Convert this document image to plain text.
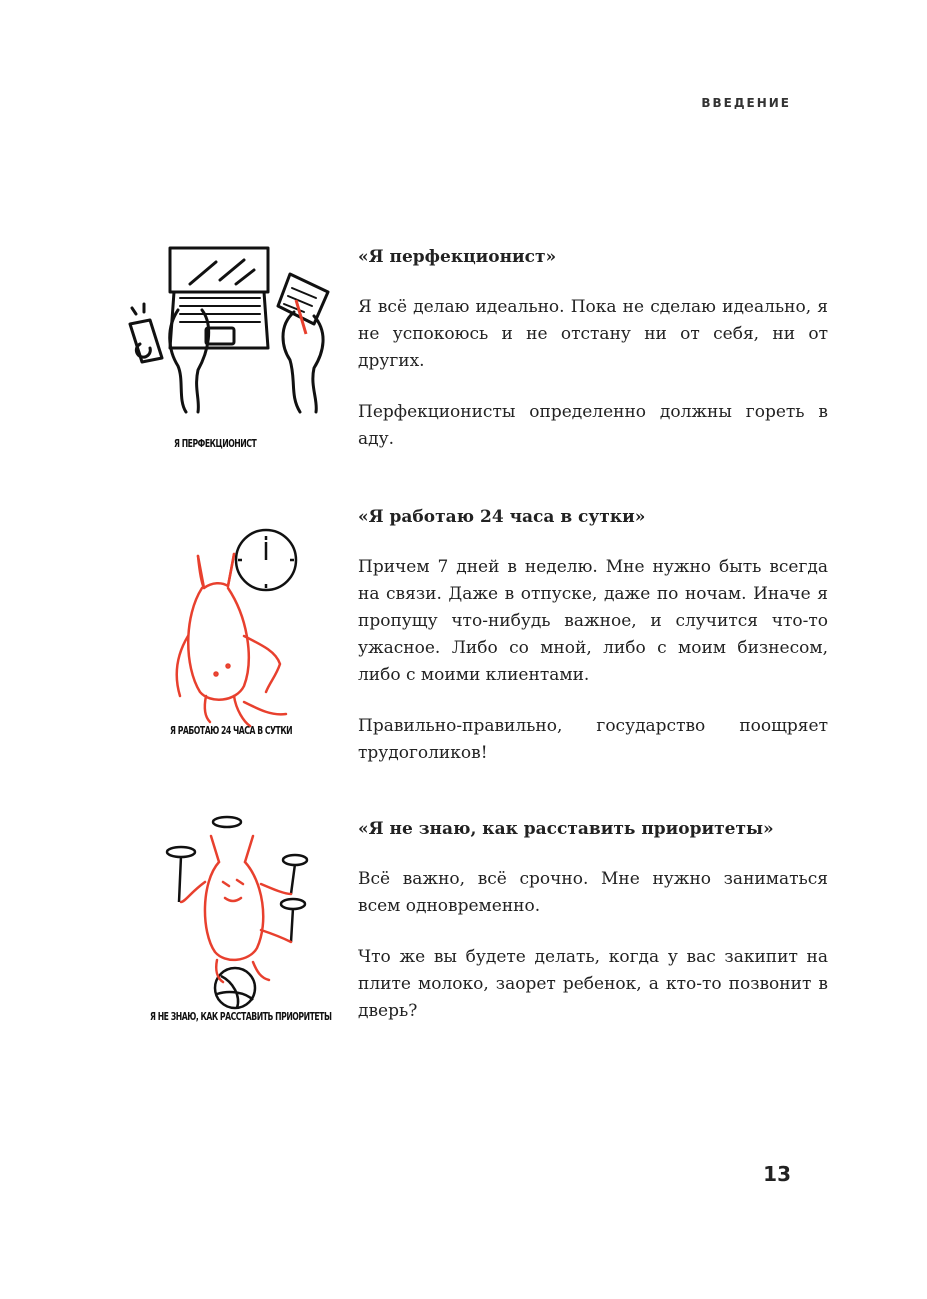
ВВЕДЕНИЕ
Я ПЕРФЕКЦИОНИСТ
«Я перфекционист»

Я всё делаю идеально. Пока не сделаю идеально, я не успокоюсь и не отстану ни от себя, ни от других.

Перфекционисты определенно должны гореть в аду.

Я РАБОТАЮ 24 ЧАСА В СУТКИ
«Я работаю 24 часа в сутки»

Причем 7 дней в неделю. Мне нужно быть всегда на связи. Даже в отпуске, даже по ночам. Иначе я пропущу что-нибудь важное, и случится что-то ужасное. Либо со мной, либо с моим бизнесом, либо с моими клиентами.

Правильно-правильно, государство поощряет трудоголиков!

Я НЕ ЗНАЮ, КАК РАССТАВИТЬ ПРИОРИТЕТЫ
«Я не знаю, как расставить приоритеты»

Всё важно, всё срочно. Мне нужно заниматься всем одновременно.

Что же вы будете делать, когда у вас закипит на плите молоко, заорет ребенок, а кто-то позвонит в дверь?

13
